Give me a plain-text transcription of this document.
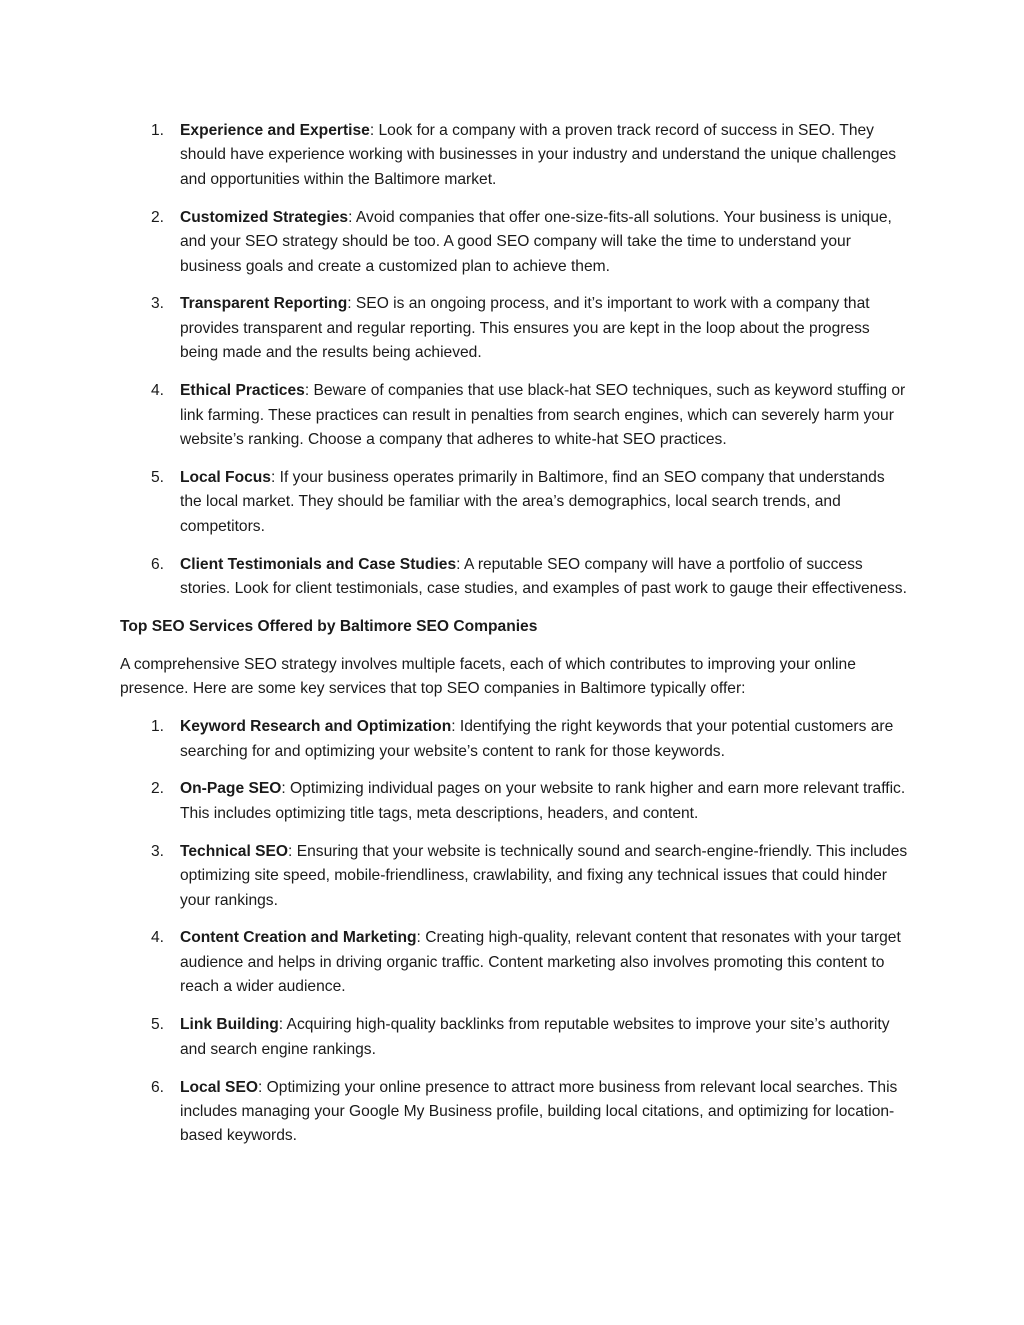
1. Experience and Expertise: Look for a company with a proven track record of success in SEO. They should have experience working with businesses in your industry and understand the unique challenges and opportunities within the Baltimore market.
2. Customized Strategies: Avoid companies that offer one-size-fits-all solutions. Your business is unique, and your SEO strategy should be too. A good SEO company will take the time to understand your business goals and create a customized plan to achieve them.
3. Transparent Reporting: SEO is an ongoing process, and it’s important to work with a company that provides transparent and regular reporting. This ensures you are kept in the loop about the progress being made and the results being achieved.
4. Ethical Practices: Beware of companies that use black-hat SEO techniques, such as keyword stuffing or link farming. These practices can result in penalties from search engines, which can severely harm your website’s ranking. Choose a company that adheres to white-hat SEO practices.
5. Local Focus: If your business operates primarily in Baltimore, find an SEO company that understands the local market. They should be familiar with the area’s demographics, local search trends, and competitors.
6. Client Testimonials and Case Studies: A reputable SEO company will have a portfolio of success stories. Look for client testimonials, case studies, and examples of past work to gauge their effectiveness.

Top SEO Services Offered by Baltimore SEO Companies

A comprehensive SEO strategy involves multiple facets, each of which contributes to improving your online presence. Here are some key services that top SEO companies in Baltimore typically offer:

1. Keyword Research and Optimization: Identifying the right keywords that your potential customers are searching for and optimizing your website’s content to rank for those keywords.
2. On-Page SEO: Optimizing individual pages on your website to rank higher and earn more relevant traffic. This includes optimizing title tags, meta descriptions, headers, and content.
3. Technical SEO: Ensuring that your website is technically sound and search-engine-friendly. This includes optimizing site speed, mobile-friendliness, crawlability, and fixing any technical issues that could hinder your rankings.
4. Content Creation and Marketing: Creating high-quality, relevant content that resonates with your target audience and helps in driving organic traffic. Content marketing also involves promoting this content to reach a wider audience.
5. Link Building: Acquiring high-quality backlinks from reputable websites to improve your site’s authority and search engine rankings.
6. Local SEO: Optimizing your online presence to attract more business from relevant local searches. This includes managing your Google My Business profile, building local citations, and optimizing for location-based keywords.
